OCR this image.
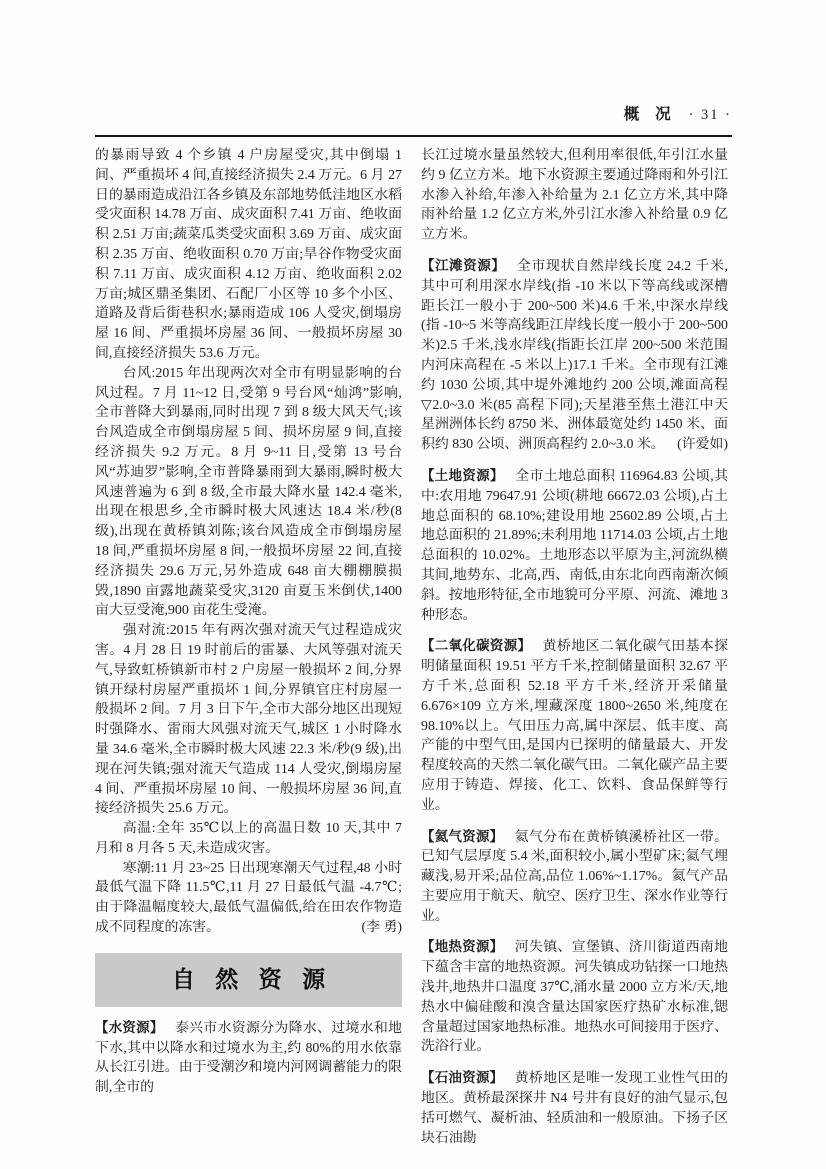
概 况 · 31 ·

的暴雨导致 4 个乡镇 4 户房屋受灾,其中倒塌 1 间、严重损坏 4 间,直接经济损失 2.4 万元。6 月 27 日的暴雨造成沿江各乡镇及东部地势低洼地区水稻受灾面积 14.78 万亩、成灾面积 7.41 万亩、绝收面积 2.51 万亩;蔬菜瓜类受灾面积 3.69 万亩、成灾面积 2.35 万亩、绝收面积 0.70 万亩;旱谷作物受灾面积 7.11 万亩、成灾面积 4.12 万亩、绝收面积 2.02 万亩;城区鼎圣集团、石配厂小区等 10 多个小区、道路及背后街巷积水;暴雨造成 106 人受灾,倒塌房屋 16 间、严重损坏房屋 36 间、一般损坏房屋 30 间,直接经济损失 53.6 万元。

台风:2015 年出现两次对全市有明显影响的台风过程。7 月 11~12 日,受第 9 号台风“灿鸿”影响,全市普降大到暴雨,同时出现 7 到 8 级大风天气;该台风造成全市倒塌房屋 5 间、损坏房屋 9 间,直接经济损失 9.2 万元。8 月 9~11 日,受第 13 号台风“苏迪罗”影响,全市普降暴雨到大暴雨,瞬时极大风速普遍为 6 到 8 级,全市最大降水量 142.4 毫米,出现在根思乡,全市瞬时极大风速达 18.4 米/秒(8 级),出现在黄桥镇刘陈;该台风造成全市倒塌房屋 18 间,严重损坏房屋 8 间,一般损坏房屋 22 间,直接经济损失 29.6 万元,另外造成 648 亩大棚棚膜损毁,1890 亩露地蔬菜受灾,3120 亩夏玉米倒伏,1400 亩大豆受淹,900 亩花生受淹。

强对流:2015 年有两次强对流天气过程造成灾害。4 月 28 日 19 时前后的雷暴、大风等强对流天气,导致虹桥镇新市村 2 户房屋一般损坏 2 间,分界镇开绿村房屋严重损坏 1 间,分界镇官庄村房屋一般损坏 2 间。7 月 3 日下午,全市大部分地区出现短时强降水、雷雨大风强对流天气,城区 1 小时降水量 34.6 毫米,全市瞬时极大风速 22.3 米/秒(9 级),出现在河失镇;强对流天气造成 114 人受灾,倒塌房屋 4 间、严重损坏房屋 10 间、一般损坏房屋 36 间,直接经济损失 25.6 万元。

高温:全年 35℃以上的高温日数 10 天,其中 7 月和 8 月各 5 天,未造成灾害。

寒潮:11 月 23~25 日出现寒潮天气过程,48 小时最低气温下降 11.5℃,11 月 27 日最低气温 -4.7℃;由于降温幅度较大,最低气温偏低,给在田农作物造成不同程度的冻害。	(李 勇)

自 然 资 源

【水资源】 泰兴市水资源分为降水、过境水和地下水,其中以降水和过境水为主,约 80%的用水依靠从长江引进。由于受潮汐和境内河网调蓄能力的限制,全市的

长江过境水量虽然较大,但利用率很低,年引江水量约 9 亿立方米。地下水资源主要通过降雨和外引江水渗入补给,年渗入补给量为 2.1 亿立方米,其中降雨补给量 1.2 亿立方米,外引江水渗入补给量 0.9 亿立方米。

【江滩资源】 全市现状自然岸线长度 24.2 千米,其中可利用深水岸线(指 -10 米以下等高线或深槽距长江一般小于 200~500 米)4.6 千米,中深水岸线(指 -10~5 米等高线距江岸线长度一般小于 200~500 米)2.5 千米,浅水岸线(指距长江岸 200~500 米范围内河床高程在 -5 米以上)17.1 千米。全市现有江滩约 1030 公顷,其中堤外滩地约 200 公顷,滩面高程▽2.0~3.0 米(85 高程下同);天星港至焦土港江中天星洲洲体长约 8750 米、洲体最宽处约 1450 米、面积约 830 公顷、洲顶高程约 2.0~3.0 米。 (许爱如)

【土地资源】 全市土地总面积 116964.83 公顷,其中:农用地 79647.91 公顷(耕地 66672.03 公顷),占土地总面积的 68.10%;建设用地 25602.89 公顷,占土地总面积的 21.89%;未利用地 11714.03 公顷,占土地总面积的 10.02%。土地形态以平原为主,河流纵横其间,地势东、北高,西、南低,由东北向西南渐次倾斜。按地形特征,全市地貌可分平原、河流、滩地 3 种形态。

【二氧化碳资源】 黄桥地区二氧化碳气田基本探明储量面积 19.51 平方千米,控制储量面积 32.67 平方千米,总面积 52.18 平方千米,经济开采储量 6.676×109 立方米,埋藏深度 1800~2650 米,纯度在 98.10%以上。气田压力高,属中深层、低丰度、高产能的中型气田,是国内已探明的储量最大、开发程度较高的天然二氧化碳气田。二氧化碳产品主要应用于铸造、焊接、化工、饮料、食品保鲜等行业。

【氦气资源】 氦气分布在黄桥镇溪桥社区一带。已知气层厚度 5.4 米,面积较小,属小型矿床;氦气埋藏浅,易开采;品位高,品位 1.06%~1.17%。氦气产品主要应用于航天、航空、医疗卫生、深水作业等行业。

【地热资源】 河失镇、宣堡镇、济川街道西南地下蕴含丰富的地热资源。河失镇成功钻探一口地热浅井,地热井口温度 37℃,涌水量 2000 立方米/天,地热水中偏硅酸和溴含量达国家医疗热矿水标准,锶含量超过国家地热标准。地热水可间接用于医疗、洗浴行业。

【石油资源】 黄桥地区是唯一发现工业性气田的地区。黄桥最深探井 N4 号井有良好的油气显示,包括可燃气、凝析油、轻质油和一般原油。下扬子区块石油勘
